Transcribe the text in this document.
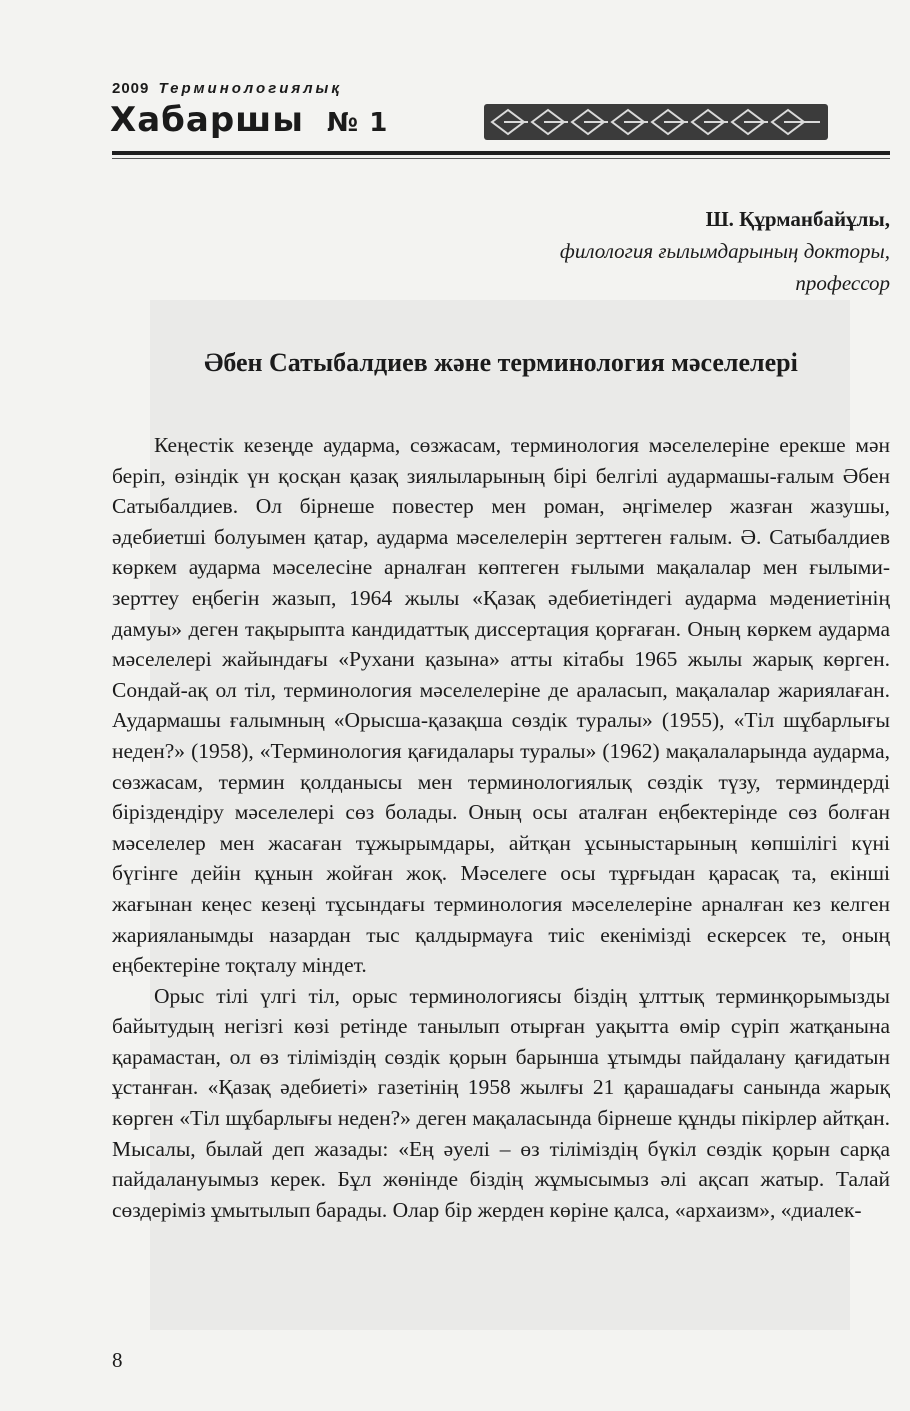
2009 Терминологиялық
Хабаршы № 1
Ш. Құрманбайұлы,
филология ғылымдарының докторы,
профессор
Әбен Сатыбалдиев және терминология мәселелері

Кеңестік кезеңде аударма, сөзжасам, терминология мәселелеріне ерекше мән беріп, өзіндік үн қосқан қазақ зиялыларының бірі белгілі аудармашы-ғалым Әбен Сатыбалдиев. Ол бірнеше повестер мен роман, әңгімелер жазған жазушы, әдебиетші болуымен қатар, аударма мәселелерін зерттеген ғалым. Ә. Сатыбалдиев көркем аударма мәселесіне арналған көптеген ғылыми мақалалар мен ғылыми-зерттеу еңбегін жазып, 1964 жылы «Қазақ әдебиетіндегі аударма мәдениетінің дамуы» деген тақырыпта кандидаттық диссертация қорғаған. Оның көркем аударма мәселелері жайындағы «Рухани қазына» атты кітабы 1965 жылы жарық көрген. Сондай-ақ ол тіл, терминология мәселелеріне де араласып, мақалалар жариялаған. Аудармашы ғалымның «Орысша-қазақша сөздік туралы» (1955), «Тіл шұбарлығы неден?» (1958), «Терминология қағидалары туралы» (1962) мақалаларында аударма, сөзжасам, термин қолданысы мен терминологиялық сөздік түзу, терминдерді біріздендіру мәселелері сөз болады. Оның осы аталған еңбектерінде сөз болған мәселелер мен жасаған тұжырымдары, айтқан ұсыныстарының көпшілігі күні бүгінге дейін құнын жойған жоқ. Мәселеге осы тұрғыдан қарасақ та, екінші жағынан кеңес кезеңі тұсындағы терминология мәселелеріне арналған кез келген жарияланымды назардан тыс қалдырмауға тиіс екенімізді ескерсек те, оның еңбектеріне тоқталу міндет.

Орыс тілі үлгі тіл, орыс терминологиясы біздің ұлттық терминқорымызды байытудың негізгі көзі ретінде танылып отырған уақытта өмір сүріп жатқанына қарамастан, ол өз тіліміздің сөздік қорын барынша ұтымды пайдалану қағидатын ұстанған. «Қазақ әдебиеті» газетінің 1958 жылғы 21 қарашадағы санында жарық көрген «Тіл шұбарлығы неден?» деген мақаласында бірнеше құнды пікірлер айтқан. Мысалы, былай деп жазады: «Ең әуелі – өз тіліміздің бүкіл сөздік қорын сарқа пайдалануымыз керек. Бұл жөнінде біздің жұмысымыз әлі ақсап жатыр. Талай сөздеріміз ұмытылып барады. Олар бір жерден көріне қалса, «архаизм», «диалек-

8
